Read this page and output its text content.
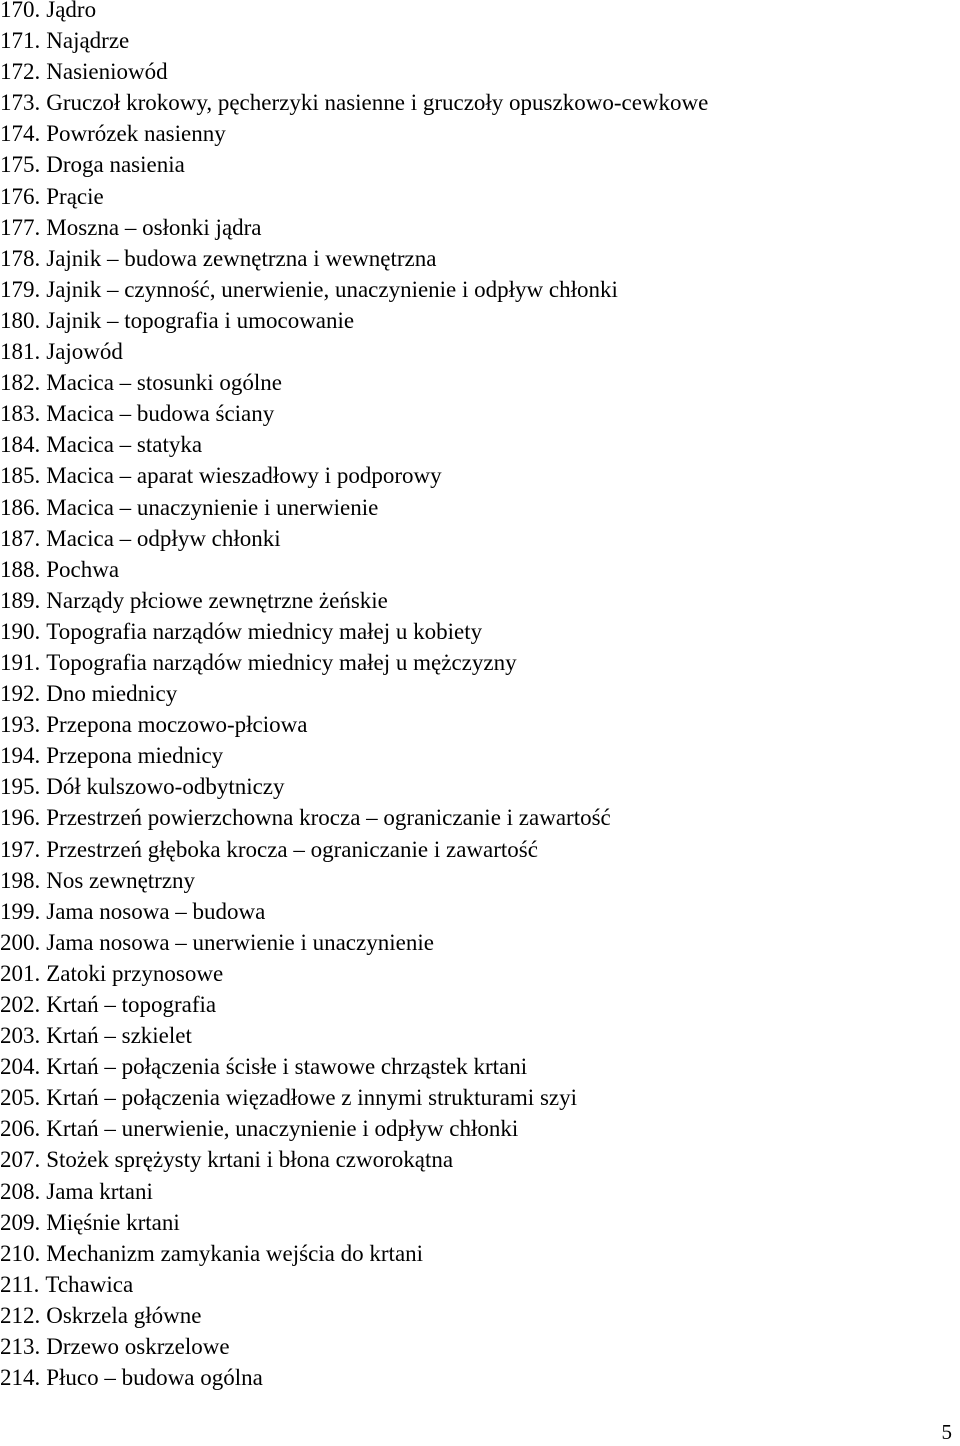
170. Jądro
171. Najądrze
172. Nasieniowód
173. Gruczoł krokowy, pęcherzyki nasienne i gruczoły opuszkowo-cewkowe
174. Powrózek nasienny
175. Droga nasienia
176. Prącie
177. Moszna – osłonki jądra
178. Jajnik – budowa zewnętrzna i wewnętrzna
179. Jajnik – czynność, unerwienie, unaczynienie i odpływ chłonki
180. Jajnik – topografia i umocowanie
181. Jajowód
182. Macica – stosunki ogólne
183. Macica – budowa ściany
184. Macica – statyka
185. Macica – aparat wieszadłowy i podporowy
186. Macica – unaczynienie i unerwienie
187. Macica – odpływ chłonki
188. Pochwa
189. Narządy płciowe zewnętrzne żeńskie
190. Topografia narządów miednicy małej u kobiety
191. Topografia narządów miednicy małej u mężczyzny
192. Dno miednicy
193. Przepona moczowo-płciowa
194. Przepona miednicy
195. Dół kulszowo-odbytniczy
196. Przestrzeń powierzchowna krocza – ograniczanie i zawartość
197. Przestrzeń głęboka krocza – ograniczanie i zawartość
198. Nos zewnętrzny
199. Jama nosowa – budowa
200. Jama nosowa – unerwienie i unaczynienie
201. Zatoki przynosowe
202. Krtań – topografia
203. Krtań – szkielet
204. Krtań – połączenia ścisłe i stawowe chrząstek krtani
205. Krtań – połączenia więzadłowe z innymi strukturami szyi
206. Krtań – unerwienie, unaczynienie i odpływ chłonki
207. Stożek sprężysty krtani i błona czworokątna
208. Jama krtani
209. Mięśnie krtani
210. Mechanizm zamykania wejścia do krtani
211. Tchawica
212. Oskrzela główne
213. Drzewo oskrzelowe
214. Płuco – budowa ogólna
5
